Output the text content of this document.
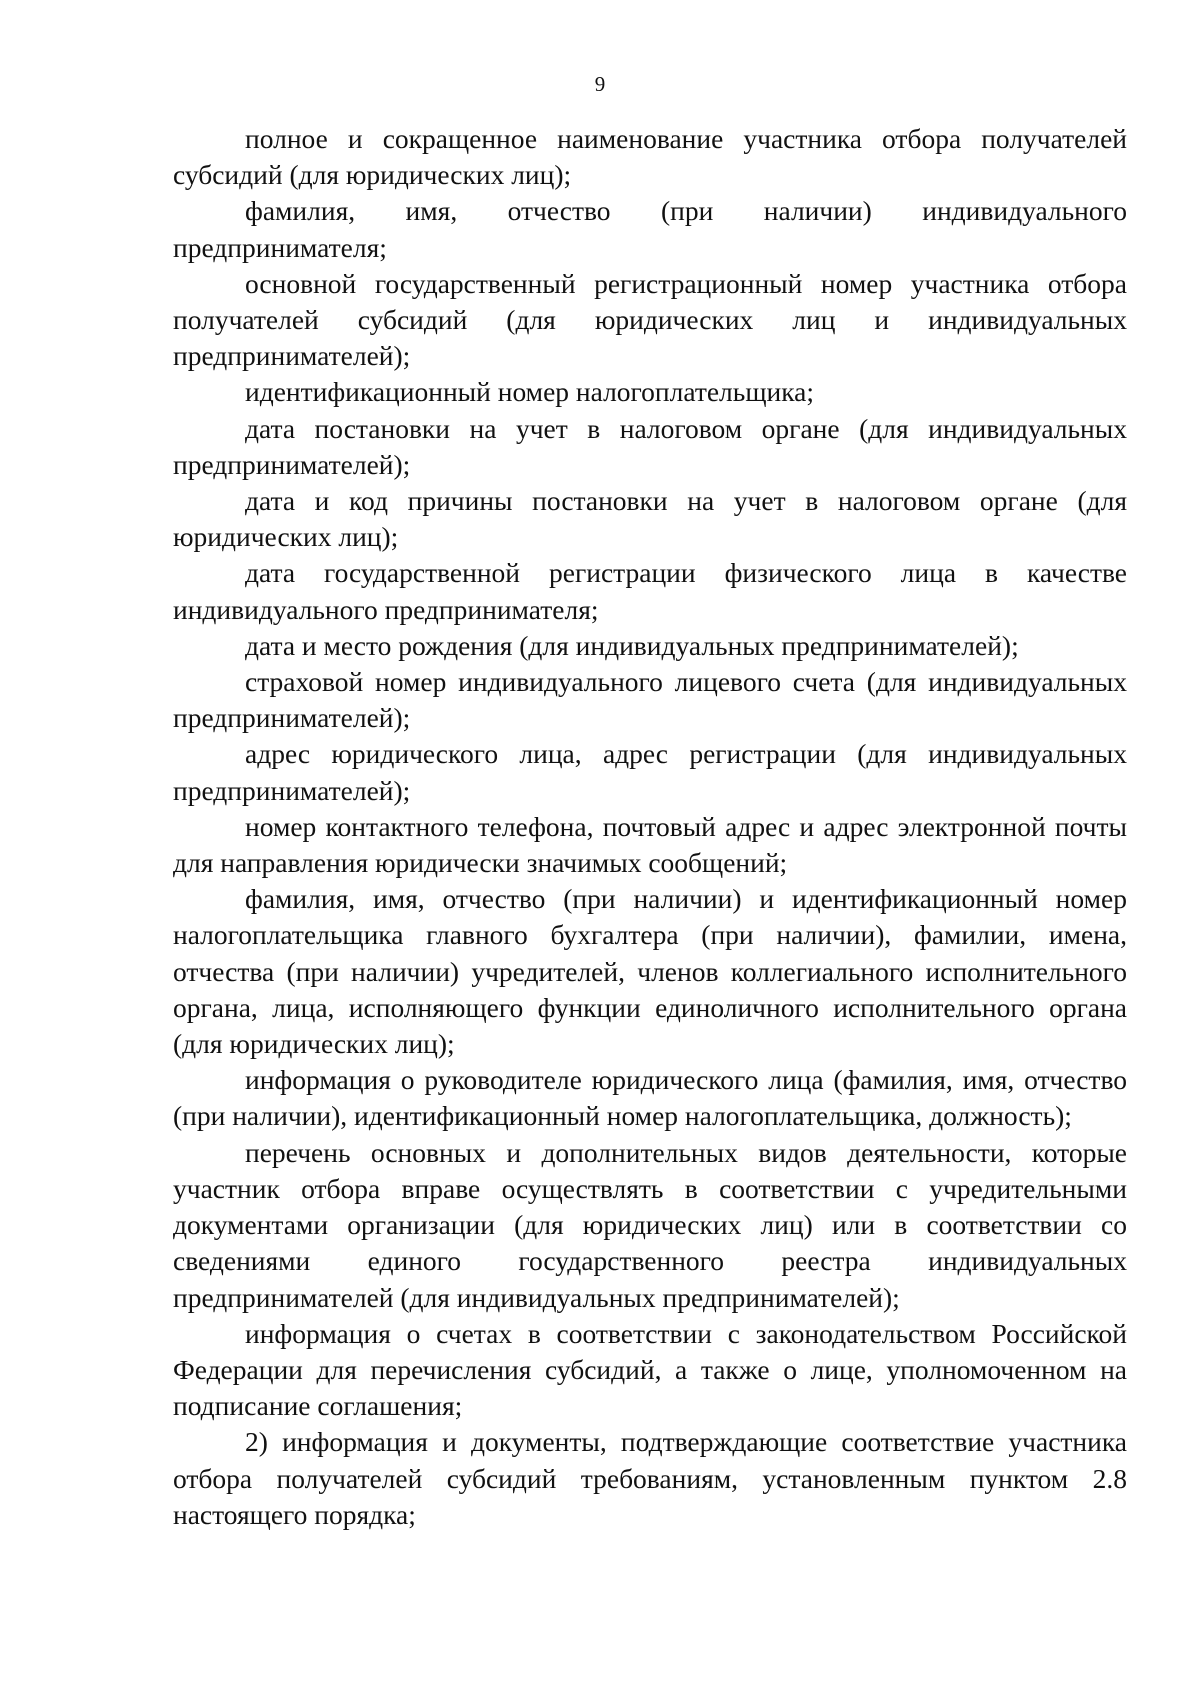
9

полное и сокращенное наименование участника отбора получателей субсидий (для юридических лиц);

фамилия, имя, отчество (при наличии) индивидуального предпринимателя;

основной государственный регистрационный номер участника отбора получателей субсидий (для юридических лиц и индивидуальных предпринимателей);

идентификационный номер налогоплательщика;

дата постановки на учет в налоговом органе (для индивидуальных предпринимателей);

дата и код причины постановки на учет в налоговом органе (для юридических лиц);

дата государственной регистрации физического лица в качестве индивидуального предпринимателя;

дата и место рождения (для индивидуальных предпринимателей);

страховой номер индивидуального лицевого счета (для индивидуальных предпринимателей);

адрес юридического лица, адрес регистрации (для индивидуальных предпринимателей);

номер контактного телефона, почтовый адрес и адрес электронной почты для направления юридически значимых сообщений;

фамилия, имя, отчество (при наличии) и идентификационный номер налогоплательщика главного бухгалтера (при наличии), фамилии, имена, отчества (при наличии) учредителей, членов коллегиального исполнительного органа, лица, исполняющего функции единоличного исполнительного органа (для юридических лиц);

информация о руководителе юридического лица (фамилия, имя, отчество (при наличии), идентификационный номер налогоплательщика, должность);

перечень основных и дополнительных видов деятельности, которые участник отбора вправе осуществлять в соответствии с учредительными документами организации (для юридических лиц) или в соответствии со сведениями единого государственного реестра индивидуальных предпринимателей (для индивидуальных предпринимателей);

информация о счетах в соответствии с законодательством Российской Федерации для перечисления субсидий, а также о лице, уполномоченном на подписание соглашения;

2) информация и документы, подтверждающие соответствие участника отбора получателей субсидий требованиям, установленным пунктом 2.8 настоящего порядка;
